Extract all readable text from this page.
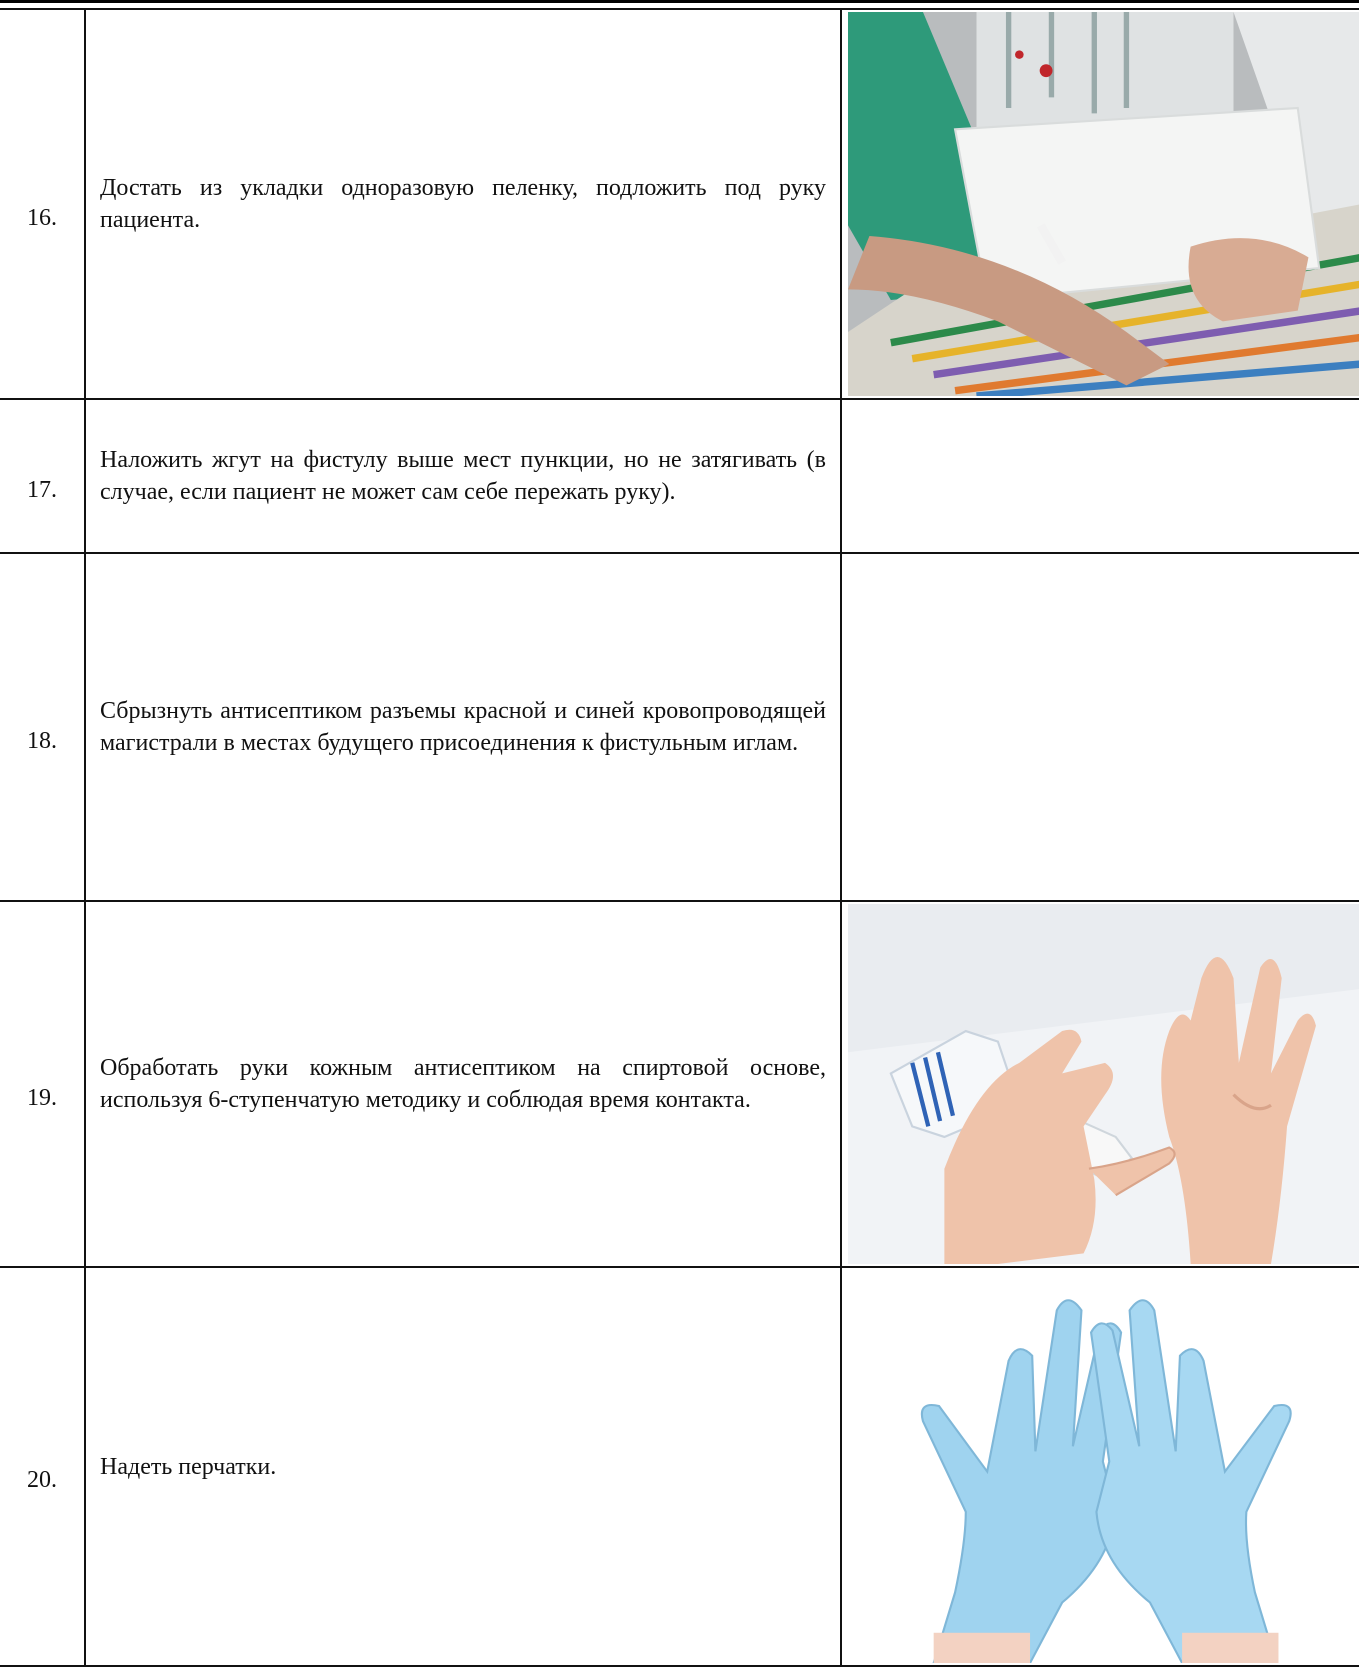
16.	Достать из укладки одноразовую пеленку, подложить под руку пациента.

17.	Наложить жгут на фистулу выше мест пункции, но не затягивать (в случае, если пациент не может сам себе пережать руку).	

18.	Сбрызнуть антисептиком разъемы красной и синей кровопроводящей магистрали в местах будущего присоединения к фистульным иглам.	

19.	Обработать руки кожным антисептиком на спиртовой основе, используя 6-ступенчатую методику и соблюдая время контакта.

20.	Надеть перчатки.
